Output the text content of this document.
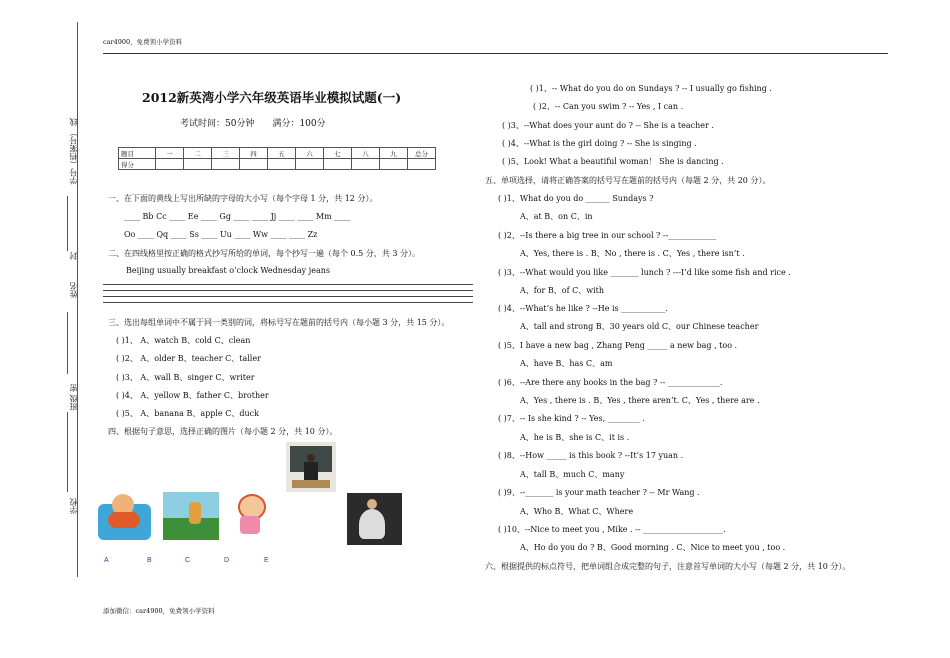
car4900，免费领小学资料
学号（档案号） 线
封
姓名
班级 密
学校
2012新英湾小学六年级英语毕业模拟试题(一)
考试时间：50分钟　　满分：100分
题目	一	二	三	四	五	六	七	八	九	总分
得分										
一、在下面的黄线上写出所缺的字母的大小写（每个字母 1 分，共 12 分）。
____ Bb Cc ____ Ee ____ Gg ____ ____ Jj ____ ____ Mm ____
Oo ____ Qq ____ Ss ____ Uu ____ Ww ____ ____ Zz
二、在四线格里按正确的格式抄写所给的单词，每个抄写一遍（每个 0.5 分，共 3 分）。
Beijing usually breakfast o’clock Wednesday jeans
三、选出每组单词中不属于同一类别的词，将标号写在题前的括号内（每小题 3 分，共 15 分）。
( )1、 A、watch B、cold C、clean
( )2、 A、older B、teacher C、taller
( )3、 A、wall B、singer C、writer
( )4、 A、yellow B、father C、brother
( )5、 A、banana B、apple C、duck
四、根据句子意思，选择正确的图片（每小题 2 分，共 10 分）。
A	B	C	D	E
添加微信：car4900，免费领小学资料
( )1、-- What do you do on Sundays ? -- I usually go fishing .
( )2、-- Can you swim ? -- Yes , I can .
( )3、--What does your aunt do ? -- She is a teacher .
( )4、--What is the girl doing ? -- She is singing .
( )5、Look! What a beautiful woman！ She is dancing .
五、单项选择，请将正确答案的括号写在题前的括号内（每题 2 分，共 20 分）。
( )1、What do you do ______ Sundays ?
A、at B、on C、in
( )2、--Is there a big tree in our school ? --____________
A、Yes, there is . B、No , there is . C、Yes , there isn’t .
( )3、--What would you like _______ lunch ? ---I’d like some fish and rice .
A、for B、of C、with
( )4、--What’s he like ? --He is ___________.
A、tall and strong B、30 years old C、our Chinese teacher
( )5、I have a new bag , Zhang Peng _____ a new bag , too .
A、have B、has C、am
( )6、--Are there any books in the bag ? -- _____________.
A、Yes , there is . B、Yes , there aren’t. C、Yes , there are .
( )7、-- Is she kind ? -- Yes, ________ .
A、he is B、she is C、it is .
( )8、--How _____ is this book ? --It’s 17 yuan .
A、tall B、much C、many
( )9、--_______ is your math teacher ? -- Mr Wang .
A、Who B、What C、Where
( )10、--Nice to meet you , Mike . -- ____________________.
A、Ho do you do ? B、Good morning . C、Nice to meet you , too .
六、根据提供的标点符号，把单词组合成完整的句子，注意首写单词的大小写（每题 2 分，共 10 分）。
